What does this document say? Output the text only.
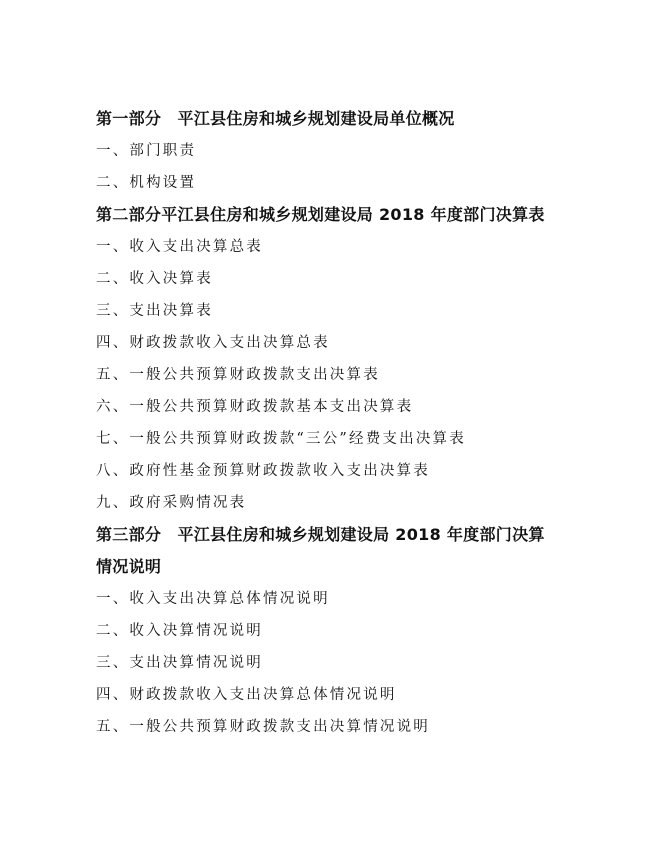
第一部分　平江县住房和城乡规划建设局单位概况
一、部门职责
二、机构设置
第二部分平江县住房和城乡规划建设局 2018 年度部门决算表
一、收入支出决算总表
二、收入决算表
三、支出决算表
四、财政拨款收入支出决算总表
五、一般公共预算财政拨款支出决算表
六、一般公共预算财政拨款基本支出决算表
七、一般公共预算财政拨款“三公”经费支出决算表
八、政府性基金预算财政拨款收入支出决算表
九、政府采购情况表
第三部分　平江县住房和城乡规划建设局 2018 年度部门决算
情况说明
一、收入支出决算总体情况说明
二、收入决算情况说明
三、支出决算情况说明
四、财政拨款收入支出决算总体情况说明
五、一般公共预算财政拨款支出决算情况说明
